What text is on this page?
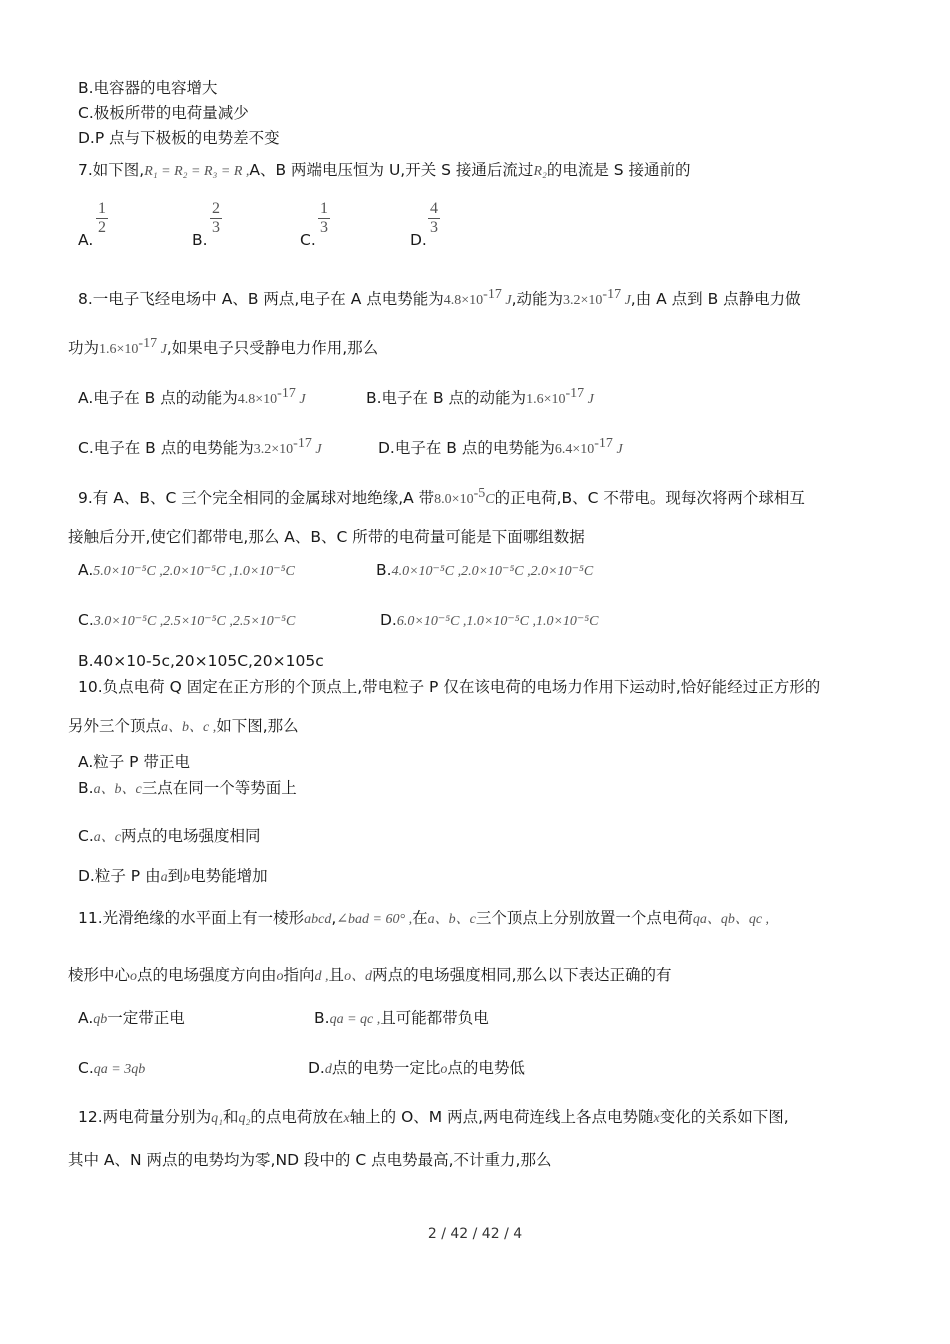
B.电容器的电容增大
C.极板所带的电荷量减少
D.P 点与下极板的电势差不变
7.如下图,R₁ = R₂ = R₃ = R ,A、B 两端电压恒为 U,开关 S 接通后流过R₂的电流是 S 接通前的
A.
1
2
B.
2
3
C.
1
3
D.
4
3
8.一电子飞经电场中 A、B 两点,电子在 A 点电势能为$4.8\times 10^{-17}$ J,动能为$3.2\times 10^{-17}$ J,由 A 点到 B 点静电力做
功为$1.6\times 10^{-17}$ J,如果电子只受静电力作用,那么
A.电子在 B 点的动能为$4.8\times 10^{-17}$ J	B.电子在 B 点的动能为$1.6\times 10^{-17}$ J
C.电子在 B 点的电势能为$3.2\times 10^{-17}$ J	D.电子在 B 点的电势能为$6.4\times 10^{-17}$ J
9.有 A、B、C 三个完全相同的金属球对地绝缘,A 带$8.0\times 10^{-5}C$的正电荷,B、C 不带电。现每次将两个球相互
接触后分开,使它们都带电,那么 A、B、C 所带的电荷量可能是下面哪组数据
A.5.0×10⁻⁵C ,2.0×10⁻⁵C ,1.0×10⁻⁵C	B.4.0×10⁻⁵C ,2.0×10⁻⁵C ,2.0×10⁻⁵C
C.3.0×10⁻⁵C ,2.5×10⁻⁵C ,2.5×10⁻⁵C	D.6.0×10⁻⁵C ,1.0×10⁻⁵C ,1.0×10⁻⁵C
B.40×10-5c,20×105C,20×105c
10.负点电荷 Q 固定在正方形的个顶点上,带电粒子 P 仅在该电荷的电场力作用下运动时,恰好能经过正方形的
另外三个顶点a、b、c ,如下图,那么
A.粒子 P 带正电
B.a、b、c三点在同一个等势面上
C.a、c两点的电场强度相同
D.粒子 P 由a到b电势能增加
11.光滑绝缘的水平面上有一棱形abcd,∠bad = 60° ,在a、b、c三个顶点上分别放置一个点电荷qa、qb、qc ,
棱形中心o点的电场强度方向由o指向d ,且o、d两点的电场强度相同,那么以下表达正确的有
A.qb一定带正电	B.qa = qc ,且可能都带负电
C.qa = 3qb	D.d点的电势一定比o点的电势低
12.两电荷量分别为q₁和q₂的点电荷放在x轴上的 O、M 两点,两电荷连线上各点电势随x变化的关系如下图,
其中 A、N 两点的电势均为零,ND 段中的 C 点电势最高,不计重力,那么
2 / 42 / 42 / 4
